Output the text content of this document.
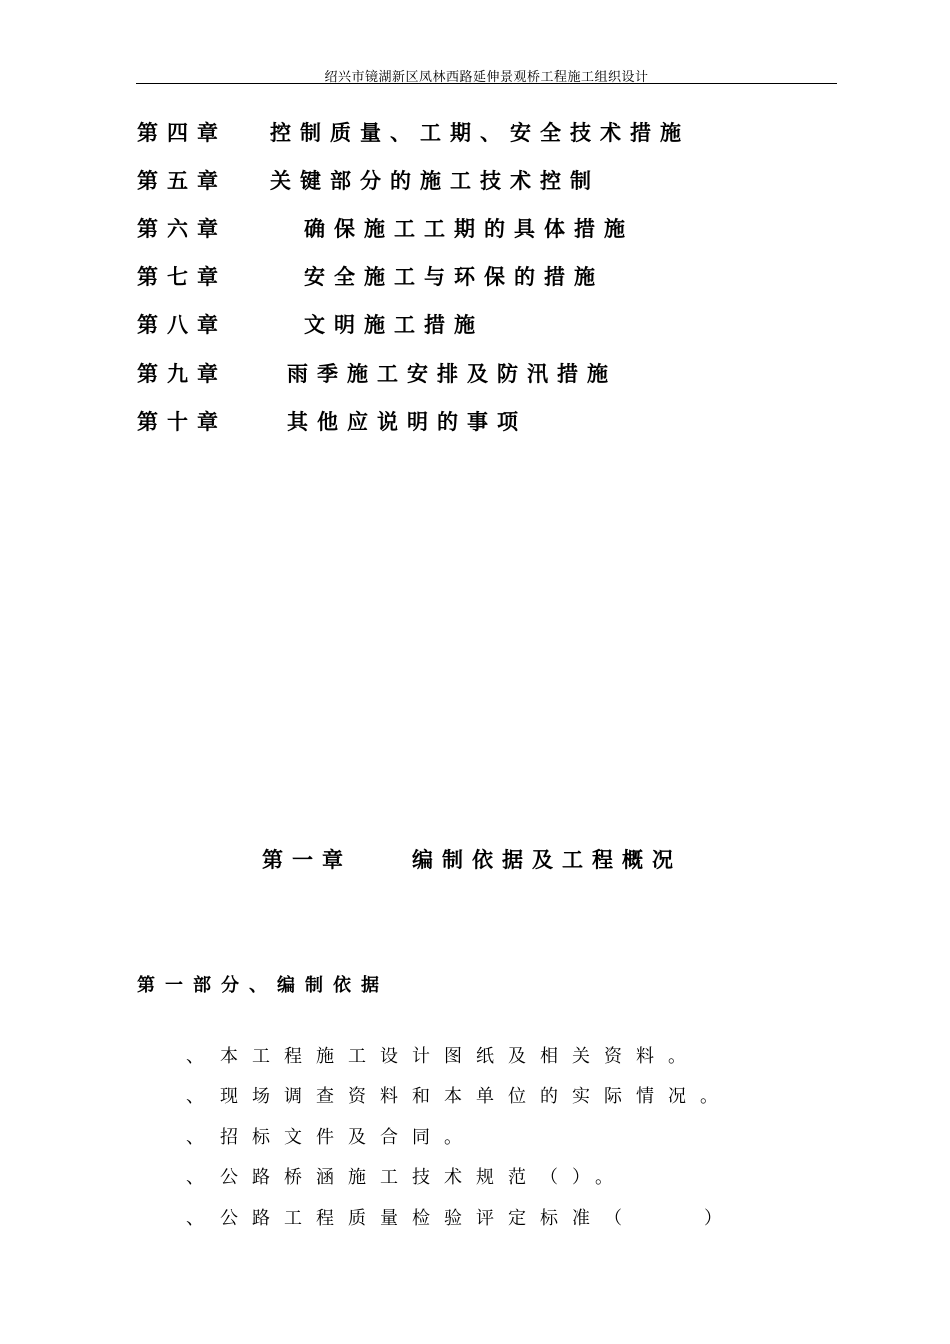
绍兴市镜湖新区凤林西路延伸景观桥工程施工组织设计
第四章 控制质量、工期、安全技术措施
第五章 关键部分的施工技术控制
第六章	确保施工工期的具体措施
第七章	安全施工与环保的措施
第八章	文明施工措施
第九章	雨季施工安排及防汛措施
第十章	其他应说明的事项
第一章	编制依据及工程概况
第一部分、编制依据
、 本工程施工设计图纸及相关资料。
、 现场调查资料和本单位的实际情况。
、 招标文件及合同。
、 公路桥涵施工技术规范（）。
、 公路工程质量检验评定标准（	）
